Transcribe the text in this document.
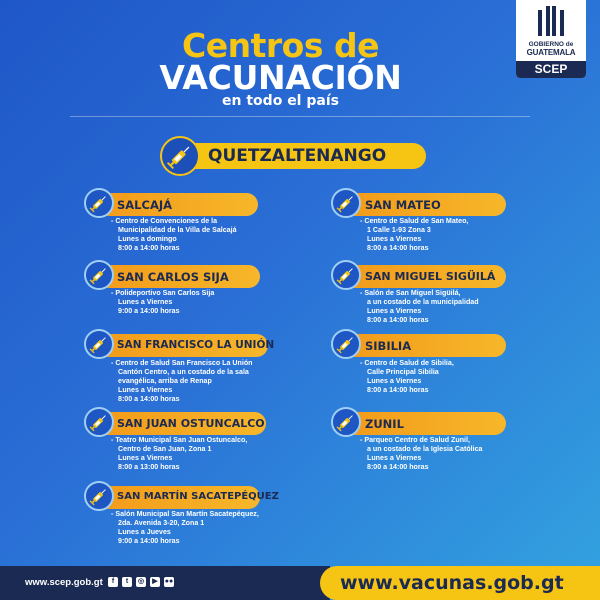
Centros de
VACUNACIÓN
en todo el país
GOBIERNO de
GUATEMALA
SCEP
QUETZALTENANGO
SALCAJÁ
- Centro de Convenciones de la
Municipalidad de la Villa de Salcajá
Lunes a domingo
8:00 a 14:00 horas
SAN CARLOS SIJA
- Polideportivo San Carlos Sija
Lunes a Viernes
9:00 a 14:00 horas
SAN FRANCISCO LA UNIÓN
- Centro de Salud San Francisco La Unión
Cantón Centro, a un costado de la sala
evangélica, arriba de Renap
Lunes a Viernes
8:00 a 14:00 horas
SAN JUAN OSTUNCALCO
- Teatro Municipal San Juan Ostuncalco,
Centro de San Juan, Zona 1
Lunes a Viernes
8:00 a 13:00 horas
SAN MARTÍN SACATEPÉQUEZ
- Salón Municipal San Martín Sacatepéquez,
2da. Avenida 3-20, Zona 1
Lunes a Jueves
9:00 a 14:00 horas
SAN MATEO
- Centro de Salud de San Mateo,
1 Calle 1-93 Zona 3
Lunes a Viernes
8:00 a 14:00 horas
SAN MIGUEL SIGÜILÁ
- Salón de San Miguel Sigüilá,
a un costado de la municipalidad
Lunes a Viernes
8:00 a 14:00 horas
SIBILIA
- Centro de Salud de Sibilia,
Calle Principal Sibilia
Lunes a Viernes
8:00 a 14:00 horas
ZUNIL
- Parqueo Centro de Salud Zunil,
a un costado de la Iglesia Católica
Lunes a Viernes
8:00 a 14:00 horas
www.scep.gob.gt	f	t	◎	▶	●●	www.vacunas.gob.gt
